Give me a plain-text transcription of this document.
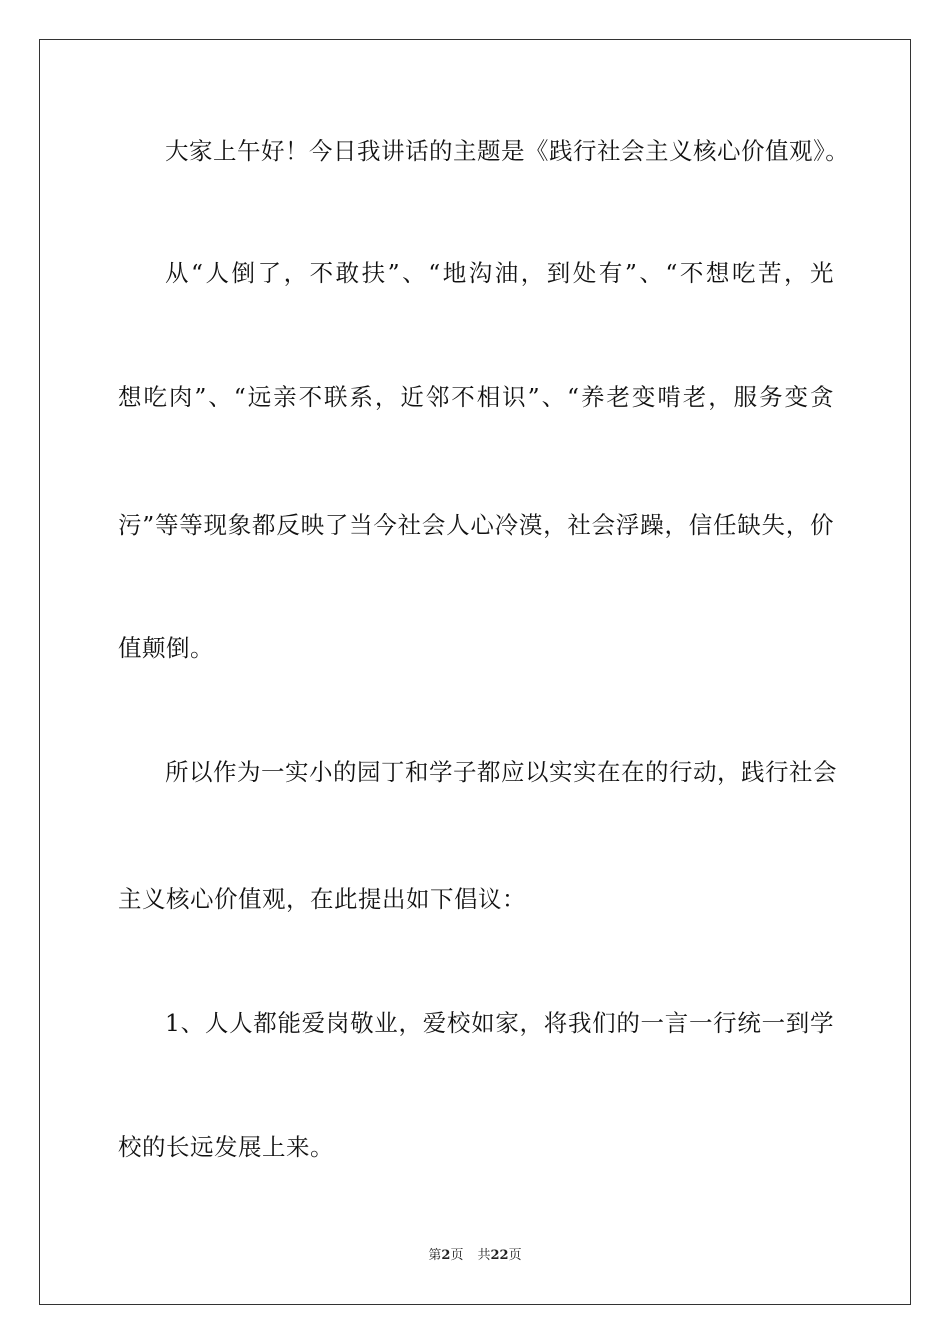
大家上午好！今日我讲话的主题是《践行社会主义核心价值观》。
从“人倒了，不敢扶”、“地沟油，到处有”、“不想吃苦，光
想吃肉”、“远亲不联系，近邻不相识”、“养老变啃老，服务变贪
污”等等现象都反映了当今社会人心冷漠，社会浮躁，信任缺失，价
值颠倒。
所以作为一实小的园丁和学子都应以实实在在的行动，践行社会
主义核心价值观，在此提出如下倡议：
1、人人都能爱岗敬业，爱校如家，将我们的一言一行统一到学
校的长远发展上来。
第2页 共22页
